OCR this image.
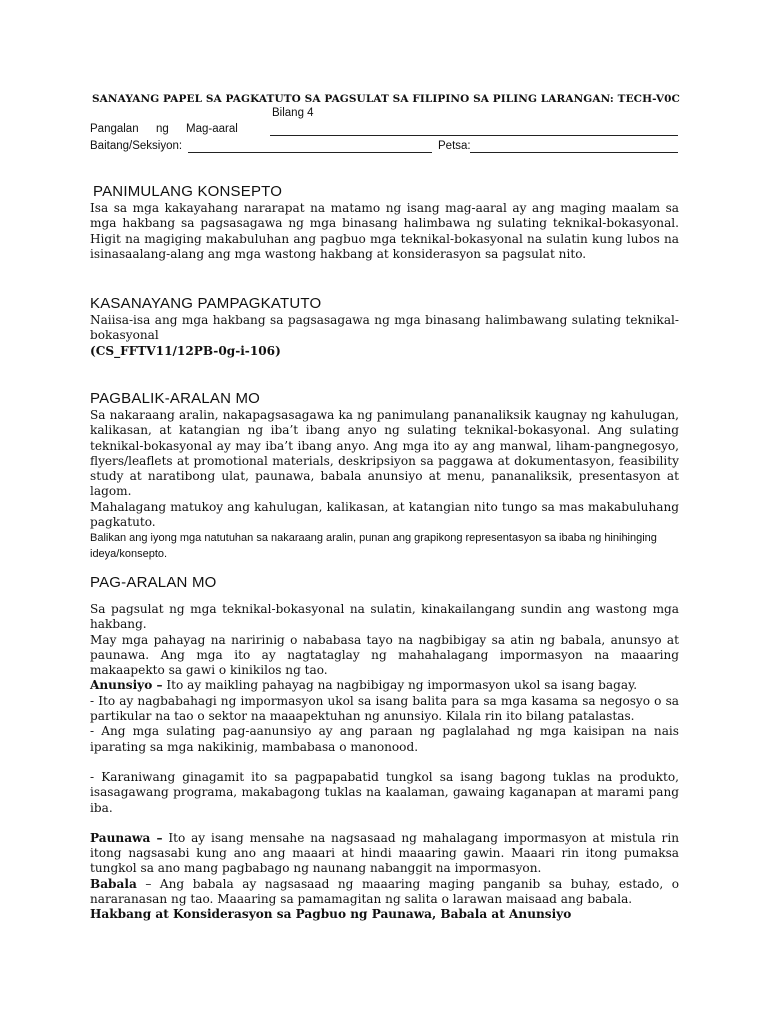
SANAYANG PAPEL SA PAGKATUTO SA PAGSULAT SA FILIPINO SA PILING LARANGAN: TECH-V0C
Bilang 4
Pangalan ng Mag-aaral
Baitang/Seksiyon:	Petsa:
PANIMULANG KONSEPTO

Isa sa mga kakayahang nararapat na matamo ng isang mag-aaral ay ang maging maalam sa mga hakbang sa pagsasagawa ng mga binasang halimbawa ng sulating teknikal-bokasyonal. Higit na magiging makabuluhan ang pagbuo mga teknikal-bokasyonal na sulatin kung lubos na isinasaalang-alang ang mga wastong hakbang at konsiderasyon sa pagsulat nito.

KASANAYANG PAMPAGKATUTO

Naiisa-isa ang mga hakbang sa pagsasagawa ng mga binasang halimbawang sulating teknikal-bokasyonal

(CS_FFTV11/12PB-0g-i-106)

PAGBALIK-ARALAN MO

Sa nakaraang aralin, nakapagsasagawa ka ng panimulang pananaliksik kaugnay ng kahulugan, kalikasan, at katangian ng iba’t ibang anyo ng sulating teknikal-bokasyonal. Ang sulating teknikal-bokasyonal ay may iba’t ibang anyo. Ang mga ito ay ang manwal, liham-pangnegosyo, flyers/leaflets at promotional materials, deskripsiyon sa paggawa at dokumentasyon, feasibility study at naratibong ulat, paunawa, babala anunsiyo at menu, pananaliksik, presentasyon at lagom.

Mahalagang matukoy ang kahulugan, kalikasan, at katangian nito tungo sa mas makabuluhang pagkatuto.

Balikan ang iyong mga natutuhan sa nakaraang aralin, punan ang grapikong representasyon sa ibaba ng hinihinging ideya/konsepto.
PAG-ARALAN MO

Sa pagsulat ng mga teknikal-bokasyonal na sulatin, kinakailangang sundin ang wastong mga hakbang.

May mga pahayag na naririnig o nababasa tayo na nagbibigay sa atin ng babala, anunsyo at paunawa. Ang mga ito ay nagtataglay ng mahahalagang impormasyon na maaaring makaapekto sa gawi o kinikilos ng tao.

Anunsiyo – Ito ay maikling pahayag na nagbibigay ng impormasyon ukol sa isang bagay.

- Ito ay nagbabahagi ng impormasyon ukol sa isang balita para sa mga kasama sa negosyo o sa partikular na tao o sektor na maaapektuhan ng anunsiyo. Kilala rin ito bilang patalastas.

- Ang mga sulating pag-aanunsiyo ay ang paraan ng paglalahad ng mga kaisipan na nais iparating sa mga nakikinig, mambabasa o manonood.

- Karaniwang ginagamit ito sa pagpapabatid tungkol sa isang bagong tuklas na produkto, isasagawang programa, makabagong tuklas na kaalaman, gawaing kaganapan at marami pang iba.

Paunawa – Ito ay isang mensahe na nagsasaad ng mahalagang impormasyon at mistula rin itong nagsasabi kung ano ang maaari at hindi maaaring gawin. Maaari rin itong pumaksa tungkol sa ano mang pagbabago ng naunang nabanggit na impormasyon.

Babala – Ang babala ay nagsasaad ng maaaring maging panganib sa buhay, estado, o nararanasan ng tao. Maaaring sa pamamagitan ng salita o larawan maisaad ang babala.

Hakbang at Konsiderasyon sa Pagbuo ng Paunawa, Babala at Anunsiyo
